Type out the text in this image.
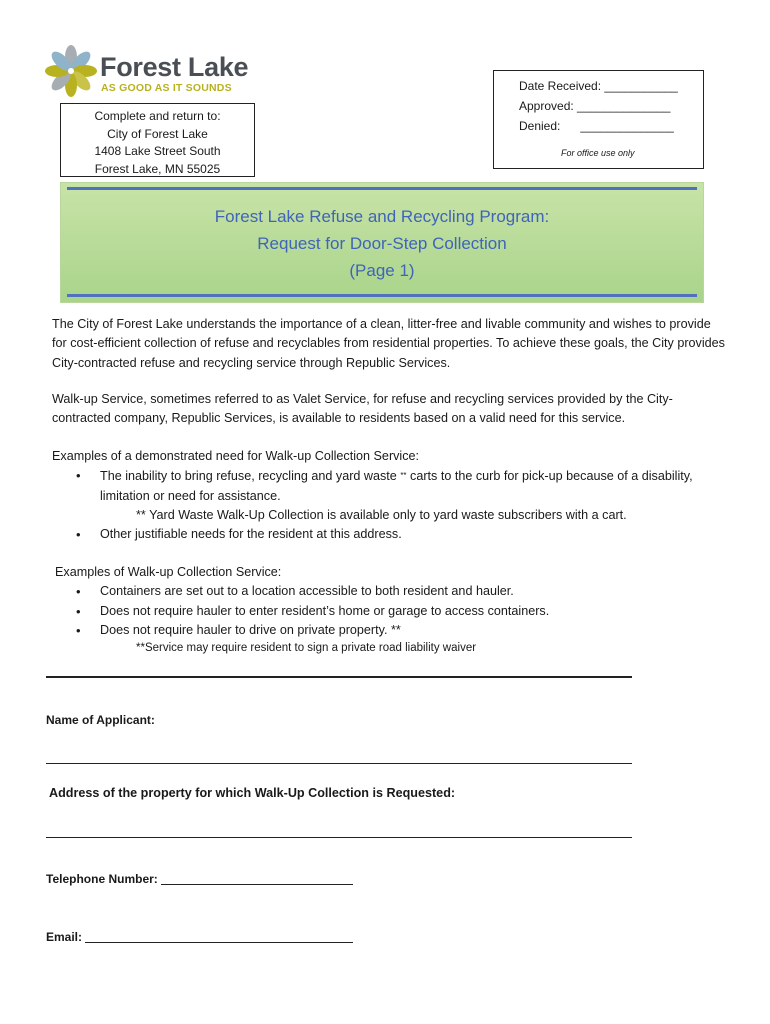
Forest Lake
AS GOOD AS IT SOUNDS
Complete and return to:
City of Forest Lake
1408 Lake Street South
Forest Lake, MN 55025
Date Received: ___________
Approved: ______________
Denied:      ______________
For office use only
Forest Lake Refuse and Recycling Program:
Request for Door-Step Collection
(Page 1)
The City of Forest Lake understands the importance of a clean, litter-free and livable community and wishes to provide for cost-efficient collection of refuse and recyclables from residential properties. To achieve these goals, the City provides City-contracted refuse and recycling service through Republic Services.
Walk-up Service, sometimes referred to as Valet Service, for refuse and recycling services provided by the City-contracted company, Republic Services, is available to residents based on a valid need for this service.
Examples of a demonstrated need for Walk-up Collection Service:
• The inability to bring refuse, recycling and yard waste ** carts to the curb for pick-up because of a disability, limitation or need for assistance.
** Yard Waste Walk-Up Collection is available only to yard waste subscribers with a cart.
• Other justifiable needs for the resident at this address.
Examples of Walk-up Collection Service:
• Containers are set out to a location accessible to both resident and hauler.
• Does not require hauler to enter resident’s home or garage to access containers.
• Does not require hauler to drive on private property. **
**Service may require resident to sign a private road liability waiver
Name of Applicant:
Address of the property for which Walk-Up Collection is Requested:
Telephone Number:
Email:
